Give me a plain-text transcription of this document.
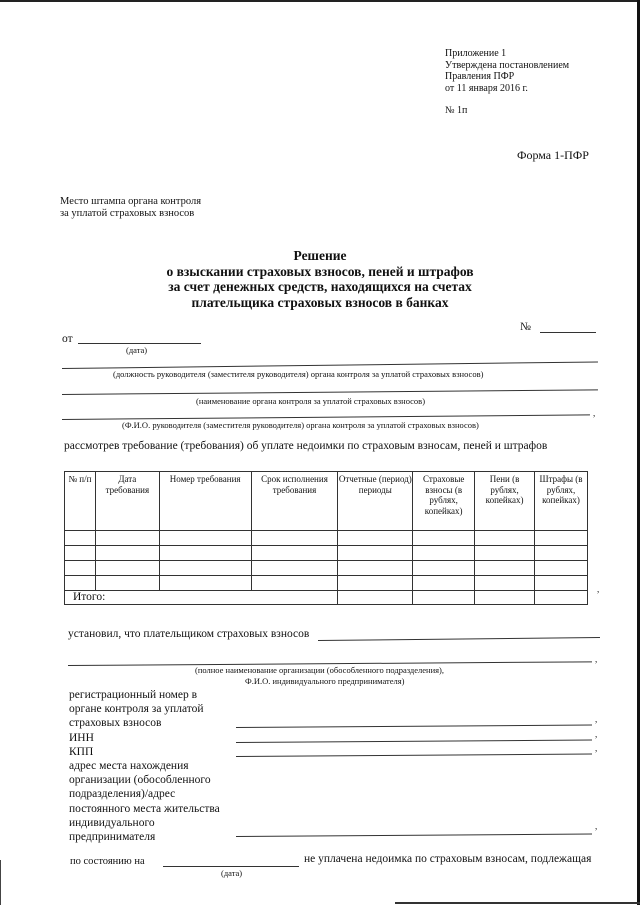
Приложение 1
Утверждена постановлением
Правления ПФР
от 11 января 2016 г.
№ 1п
Форма 1-ПФР
Место штампа органа контроля
за уплатой страховых взносов
Решение
о взыскании страховых взносов, пеней и штрафов
за счет денежных средств, находящихся на счетах
плательщика страховых взносов в банках
№
от
(дата)
(должность руководителя (заместителя руководителя) органа контроля за уплатой страховых взносов)
(наименование органа контроля за уплатой страховых взносов)
,
(Ф.И.О. руководителя (заместителя руководителя) органа контроля за уплатой страховых взносов)
рассмотрев требование (требования) об уплате недоимки по страховым взносам, пеней и штрафов
№ п/п	Дата требования	Номер требования	Срок исполнения требования	Отчетные (период) периоды	Страховые взносы (в рублях, копейках)	Пени (в рублях, копейках)	Штрафы (в рублях, копейках)

Итого:							
,
установил, что плательщиком страховых взносов
,
(полное наименование организации (обособленного подразделения),
Ф.И.О. индивидуального предпринимателя)
регистрационный номер в
органе контроля за уплатой
страховых взносов
ИНН
КПП
адрес места нахождения
организации (обособленного
подразделения)/адрес
постоянного места жительства
индивидуального
предпринимателя
,
,
,
,
по состоянию на
(дата)
не уплачена недоимка по страховым взносам, подлежащая
